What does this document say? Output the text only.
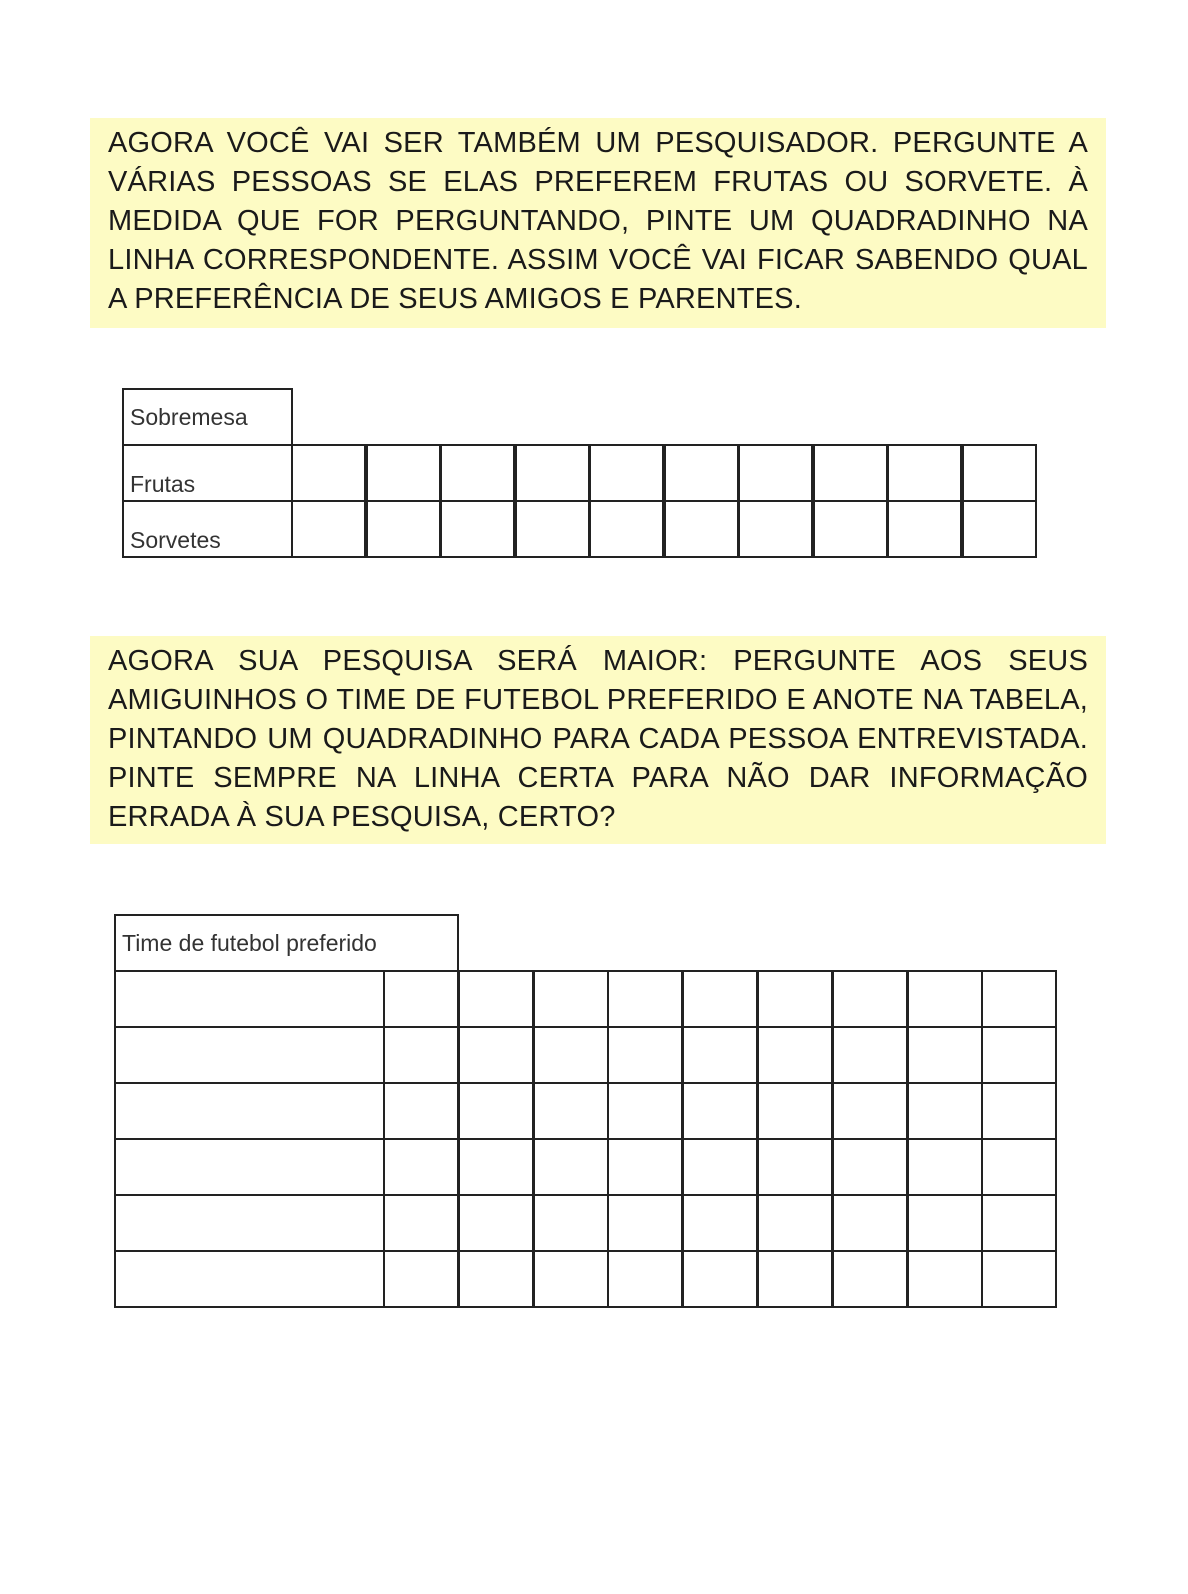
AGORA VOCÊ VAI SER TAMBÉM UM PESQUISADOR. PERGUNTE A VÁRIAS PESSOAS SE ELAS PREFEREM FRUTAS OU SORVETE. À MEDIDA QUE FOR PERGUNTANDO, PINTE UM QUADRADINHO NA LINHA CORRESPONDENTE. ASSIM VOCÊ VAI FICAR SABENDO QUAL A PREFERÊNCIA DE SEUS AMIGOS E PARENTES.
Sobremesa
Frutas
Sorvetes
AGORA SUA PESQUISA SERÁ MAIOR: PERGUNTE AOS SEUS AMIGUINHOS O TIME DE FUTEBOL PREFERIDO E ANOTE NA TABELA, PINTANDO UM QUADRADINHO PARA CADA PESSOA ENTREVISTADA. PINTE SEMPRE NA LINHA CERTA PARA NÃO DAR INFORMAÇÃO ERRADA À SUA PESQUISA, CERTO?
Time de futebol preferido
